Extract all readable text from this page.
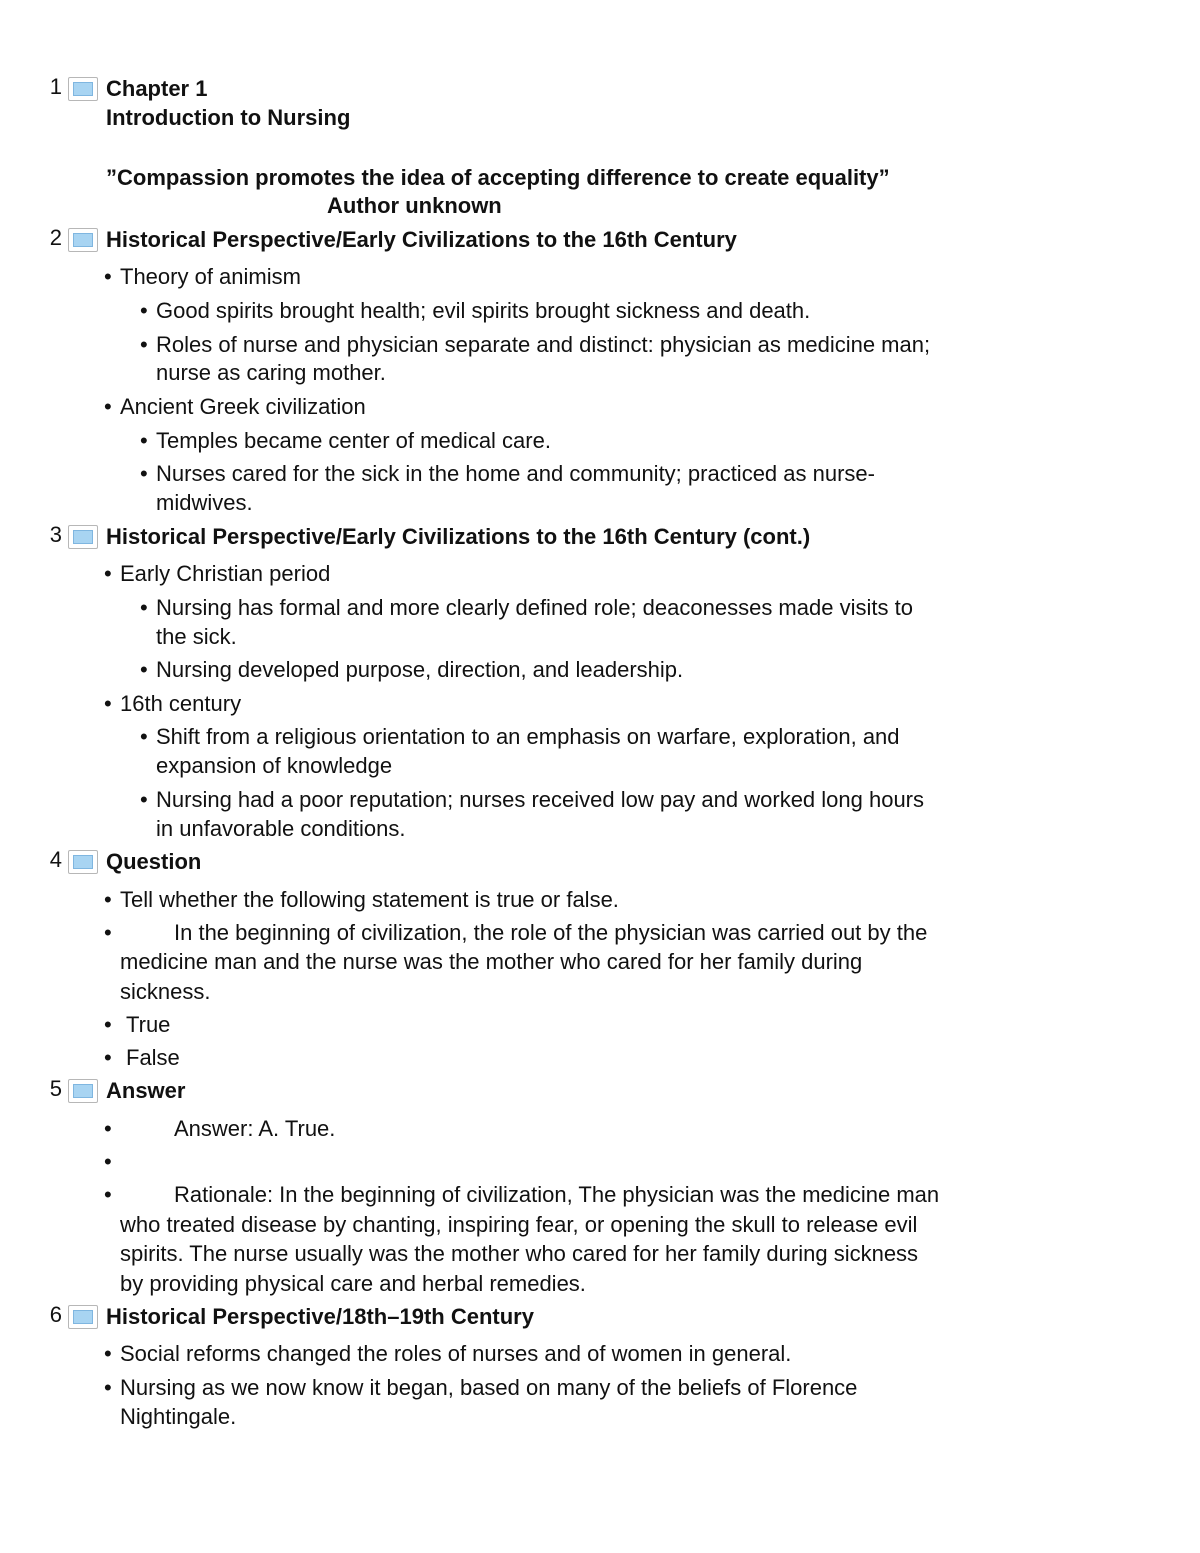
1 Chapter 1
Introduction to Nursing
”Compassion promotes the idea of accepting difference to create equality”
Author unknown
2 Historical Perspective/Early Civilizations to the 16th Century
Theory of animism
Good spirits brought health; evil spirits brought sickness and death.
Roles of nurse and physician separate and distinct: physician as medicine man;
nurse as caring mother.
Ancient Greek civilization
Temples became center of medical care.
Nurses cared for the sick in the home and community; practiced as nurse-
midwives.
3 Historical Perspective/Early Civilizations to the 16th Century (cont.)
Early Christian period
Nursing has formal and more clearly defined role; deaconesses made visits to
the sick.
Nursing developed purpose, direction, and leadership.
16th century
Shift from a religious orientation to an emphasis on warfare, exploration, and
expansion of knowledge
Nursing had a poor reputation; nurses received low pay and worked long hours
in unfavorable conditions.
4 Question
Tell whether the following statement is true or false.
In the beginning of civilization, the role of the physician was carried out by the
medicine man and the nurse was the mother who cared for her family during
sickness.
True
False
5 Answer
Answer: A. True.
Rationale: In the beginning of civilization, The physician was the medicine man
who treated disease by chanting, inspiring fear, or opening the skull to release evil
spirits. The nurse usually was the mother who cared for her family during sickness
by providing physical care and herbal remedies.
6 Historical Perspective/18th–19th Century
Social reforms changed the roles of nurses and of women in general.
Nursing as we now know it began, based on many of the beliefs of Florence
Nightingale.
